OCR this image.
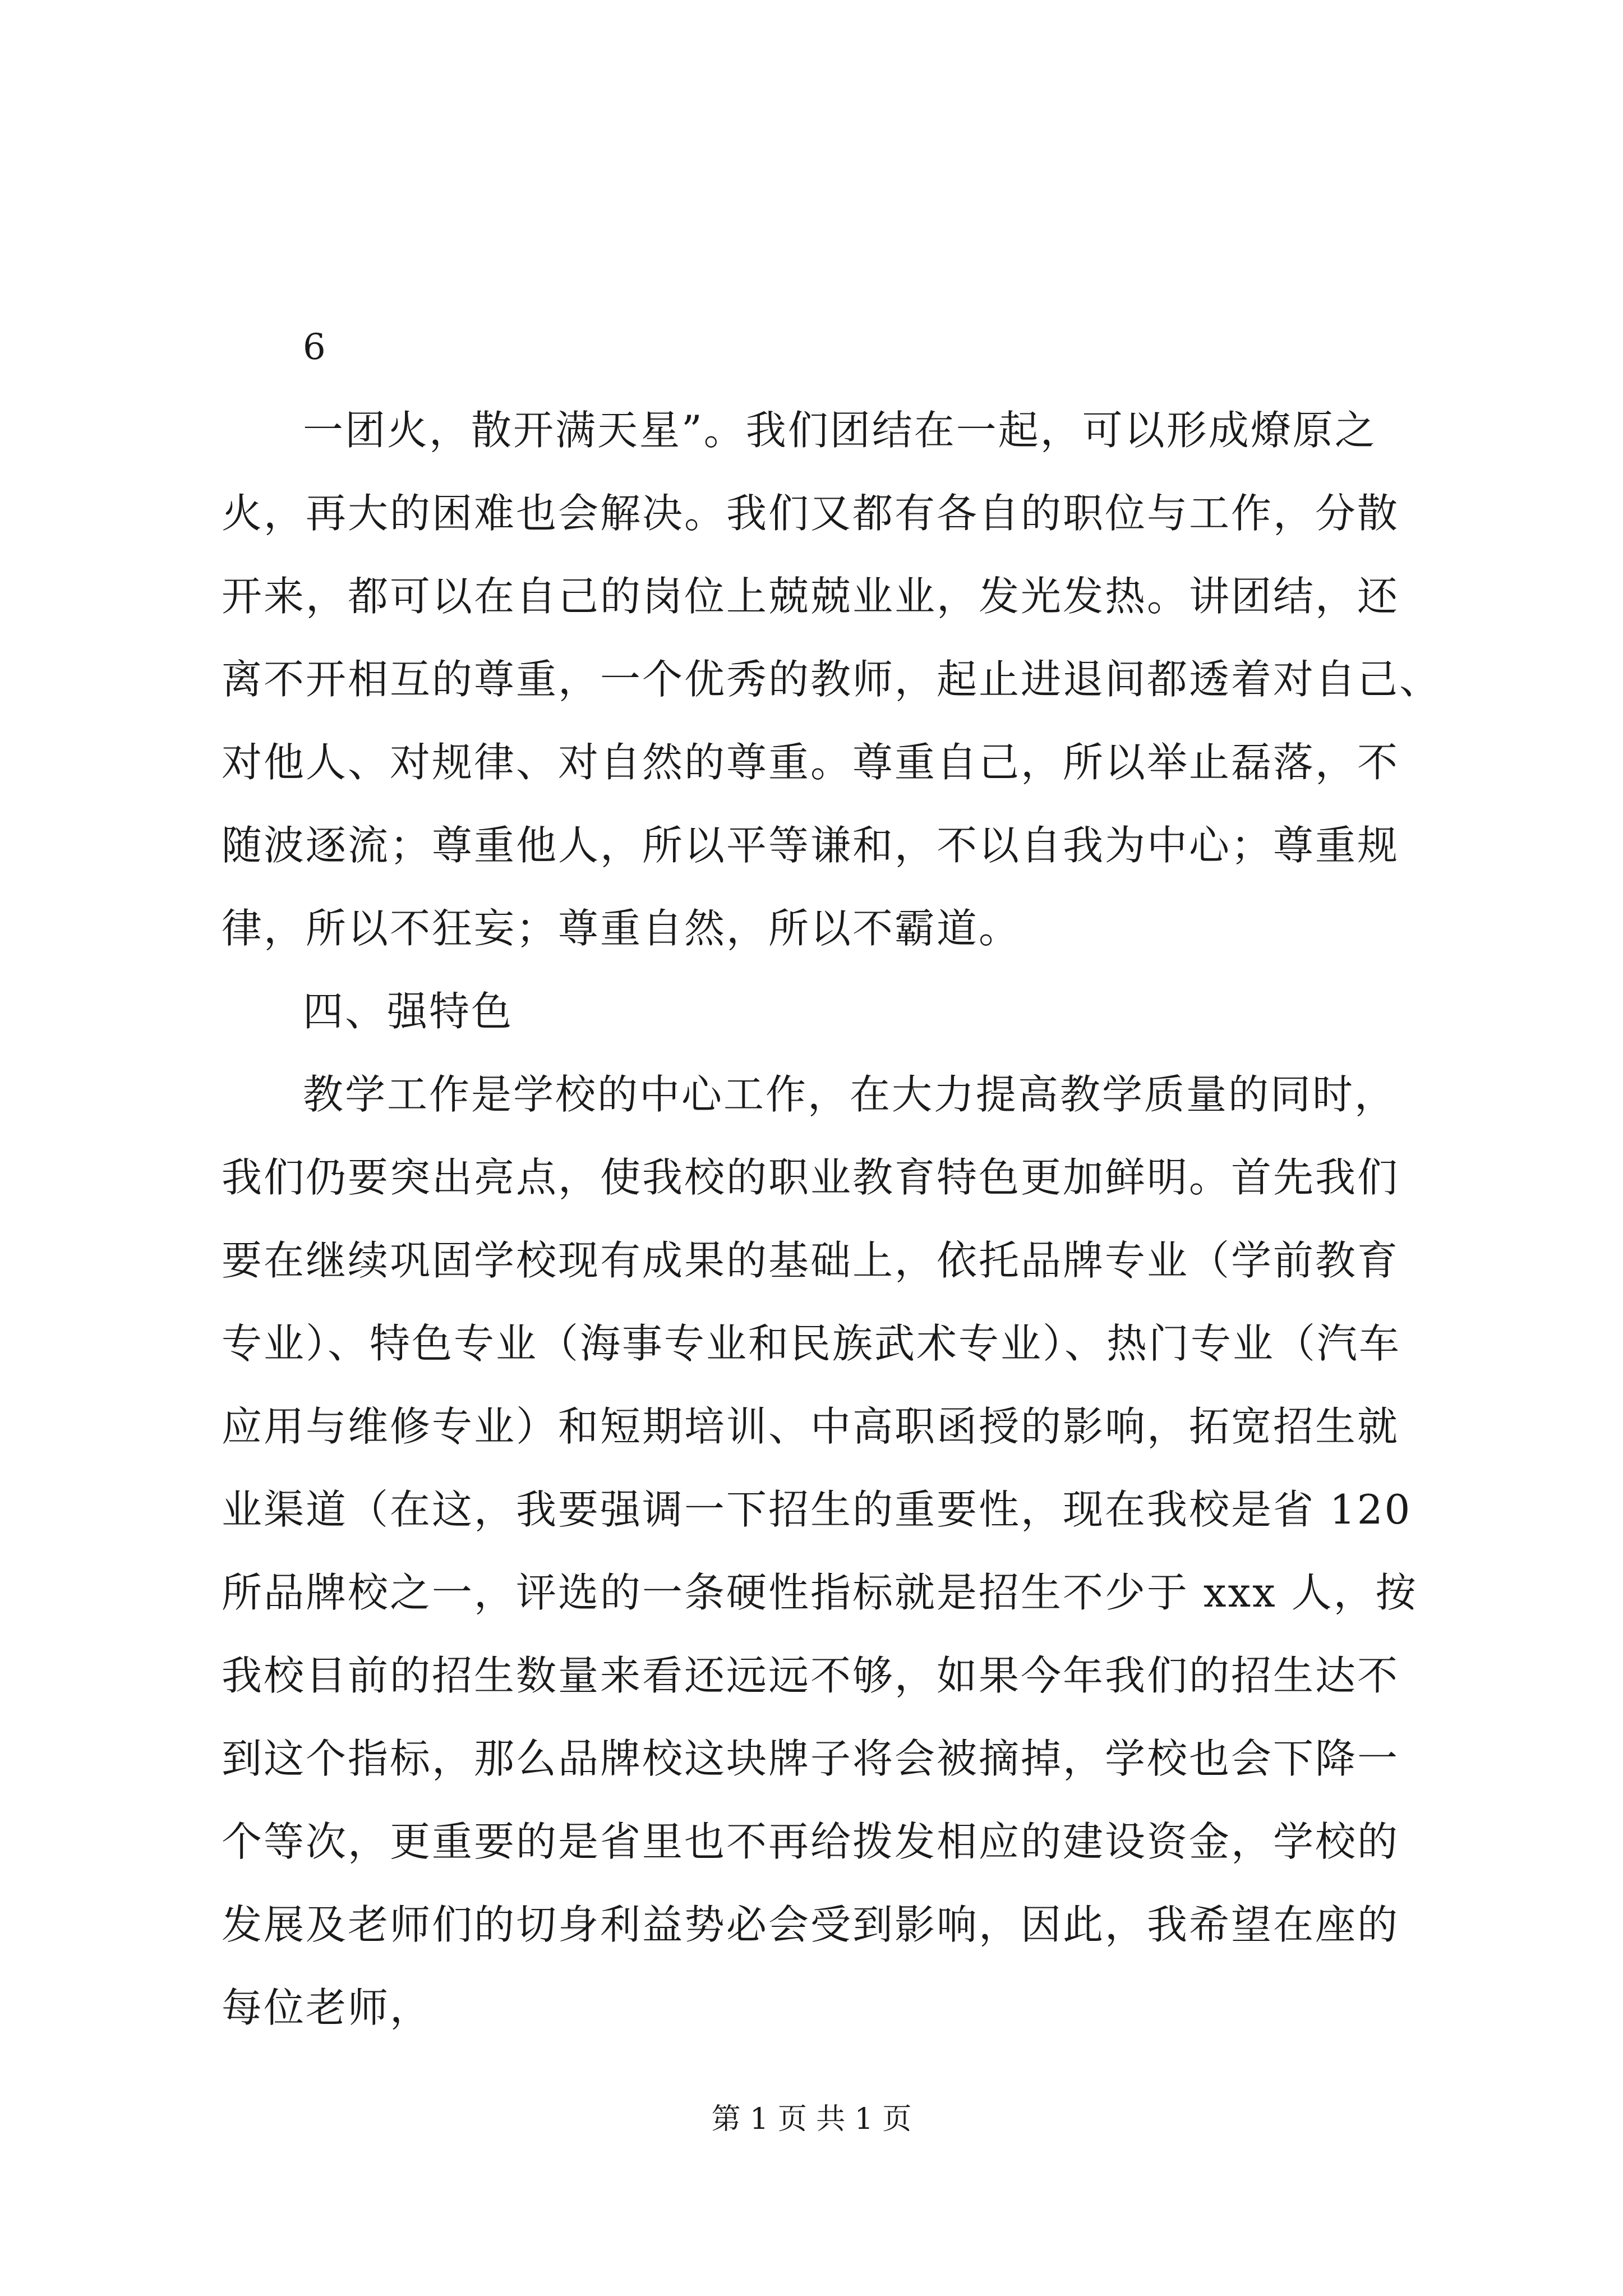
6
一团火，散开满天星”。我们团结在一起，可以形成燎原之
火，再大的困难也会解决。我们又都有各自的职位与工作，分散
开来，都可以在自己的岗位上兢兢业业，发光发热。讲团结，还
离不开相互的尊重，一个优秀的教师，起止进退间都透着对自己、
对他人、对规律、对自然的尊重。尊重自己，所以举止磊落，不
随波逐流；尊重他人，所以平等谦和，不以自我为中心；尊重规
律，所以不狂妄；尊重自然，所以不霸道。
四、强特色
教学工作是学校的中心工作，在大力提高教学质量的同时，
我们仍要突出亮点，使我校的职业教育特色更加鲜明。首先我们
要在继续巩固学校现有成果的基础上，依托品牌专业（学前教育
专业）、特色专业（海事专业和民族武术专业）、热门专业（汽车
应用与维修专业）和短期培训、中高职函授的影响，拓宽招生就
业渠道（在这，我要强调一下招生的重要性，现在我校是省 120
所品牌校之一，评选的一条硬性指标就是招生不少于 xxx 人，按
我校目前的招生数量来看还远远不够，如果今年我们的招生达不
到这个指标，那么品牌校这块牌子将会被摘掉，学校也会下降一
个等次，更重要的是省里也不再给拨发相应的建设资金，学校的
发展及老师们的切身利益势必会受到影响，因此，我希望在座的
每位老师，
第 1 页 共 1 页
